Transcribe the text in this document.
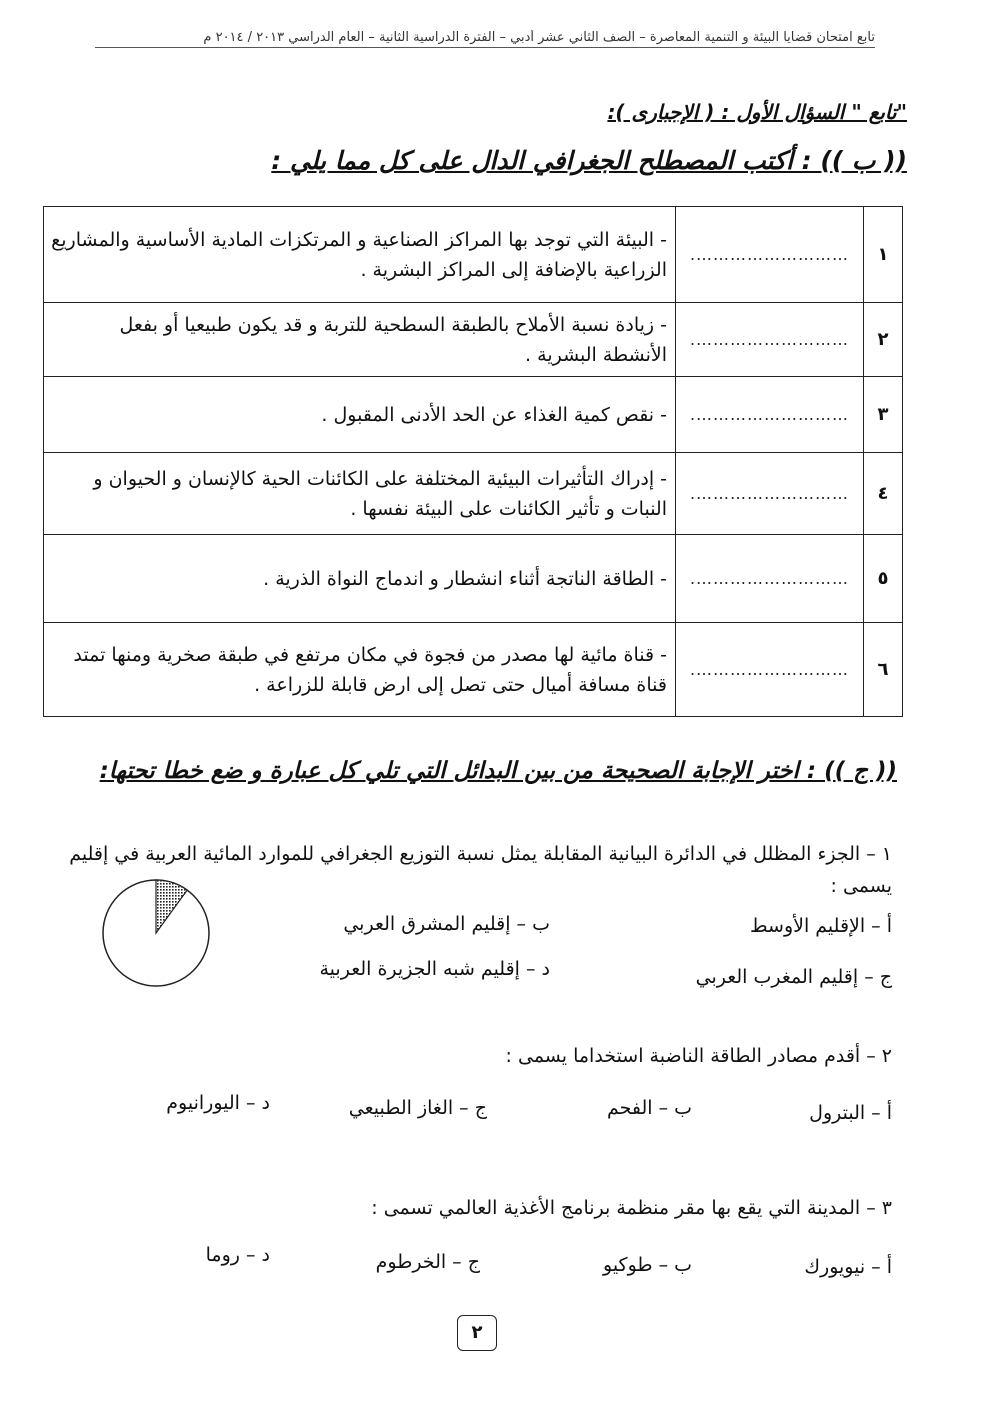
تابع امتحان قضايا البيئة و التنمية المعاصرة – الصف الثاني عشر أدبي – الفترة الدراسية الثانية – العام الدراسي ٢٠١٣ / ٢٠١٤ م
"تابع " السؤال الأول : ( الإجبارى ):
(( ب )) : أكتب المصطلح الجغرافي الدال على كل مما يلي :
١	……………………….	- البيئة التي توجد بها المراكز الصناعية و المرتكزات المادية الأساسية والمشاريع الزراعية بالإضافة إلى المراكز البشرية .
٢	……………………….	- زيادة نسبة الأملاح بالطبقة السطحية للتربة و قد يكون طبيعيا أو بفعل الأنشطة البشرية .
٣	……………………….	- نقص كمية الغذاء عن الحد الأدنى المقبول .
٤	……………………….	- إدراك التأثيرات البيئية المختلفة على الكائنات الحية كالإنسان و الحيوان و النبات و تأثير الكائنات على البيئة نفسها .
٥	……………………….	- الطاقة الناتجة أثناء انشطار و اندماج النواة الذرية .
٦	……………………….	- قناة مائية لها مصدر من فجوة في مكان مرتفع في طبقة صخرية ومنها تمتد قناة مسافة أميال حتى تصل إلى ارض قابلة للزراعة .
(( ج )) : اختر الإجابة الصحيحة من بين البدائل التي تلي كل عبارة و ضع خطا تحتها:
١ – الجزء المظلل في الدائرة البيانية المقابلة يمثل نسبة التوزيع الجغرافي للموارد المائية العربية في إقليم يسمى :
أ – الإقليم الأوسط
ب – إقليم المشرق العربي
ج – إقليم المغرب العربي
د – إقليم شبه الجزيرة العربية
٢ – أقدم مصادر الطاقة الناضبة استخداما يسمى :
أ – البترول
ب – الفحم
ج – الغاز الطبيعي
د – اليورانيوم
٣ – المدينة التي يقع بها مقر منظمة برنامج الأغذية العالمي تسمى :
أ – نيويورك
ب – طوكيو
ج – الخرطوم
د – روما
٢
